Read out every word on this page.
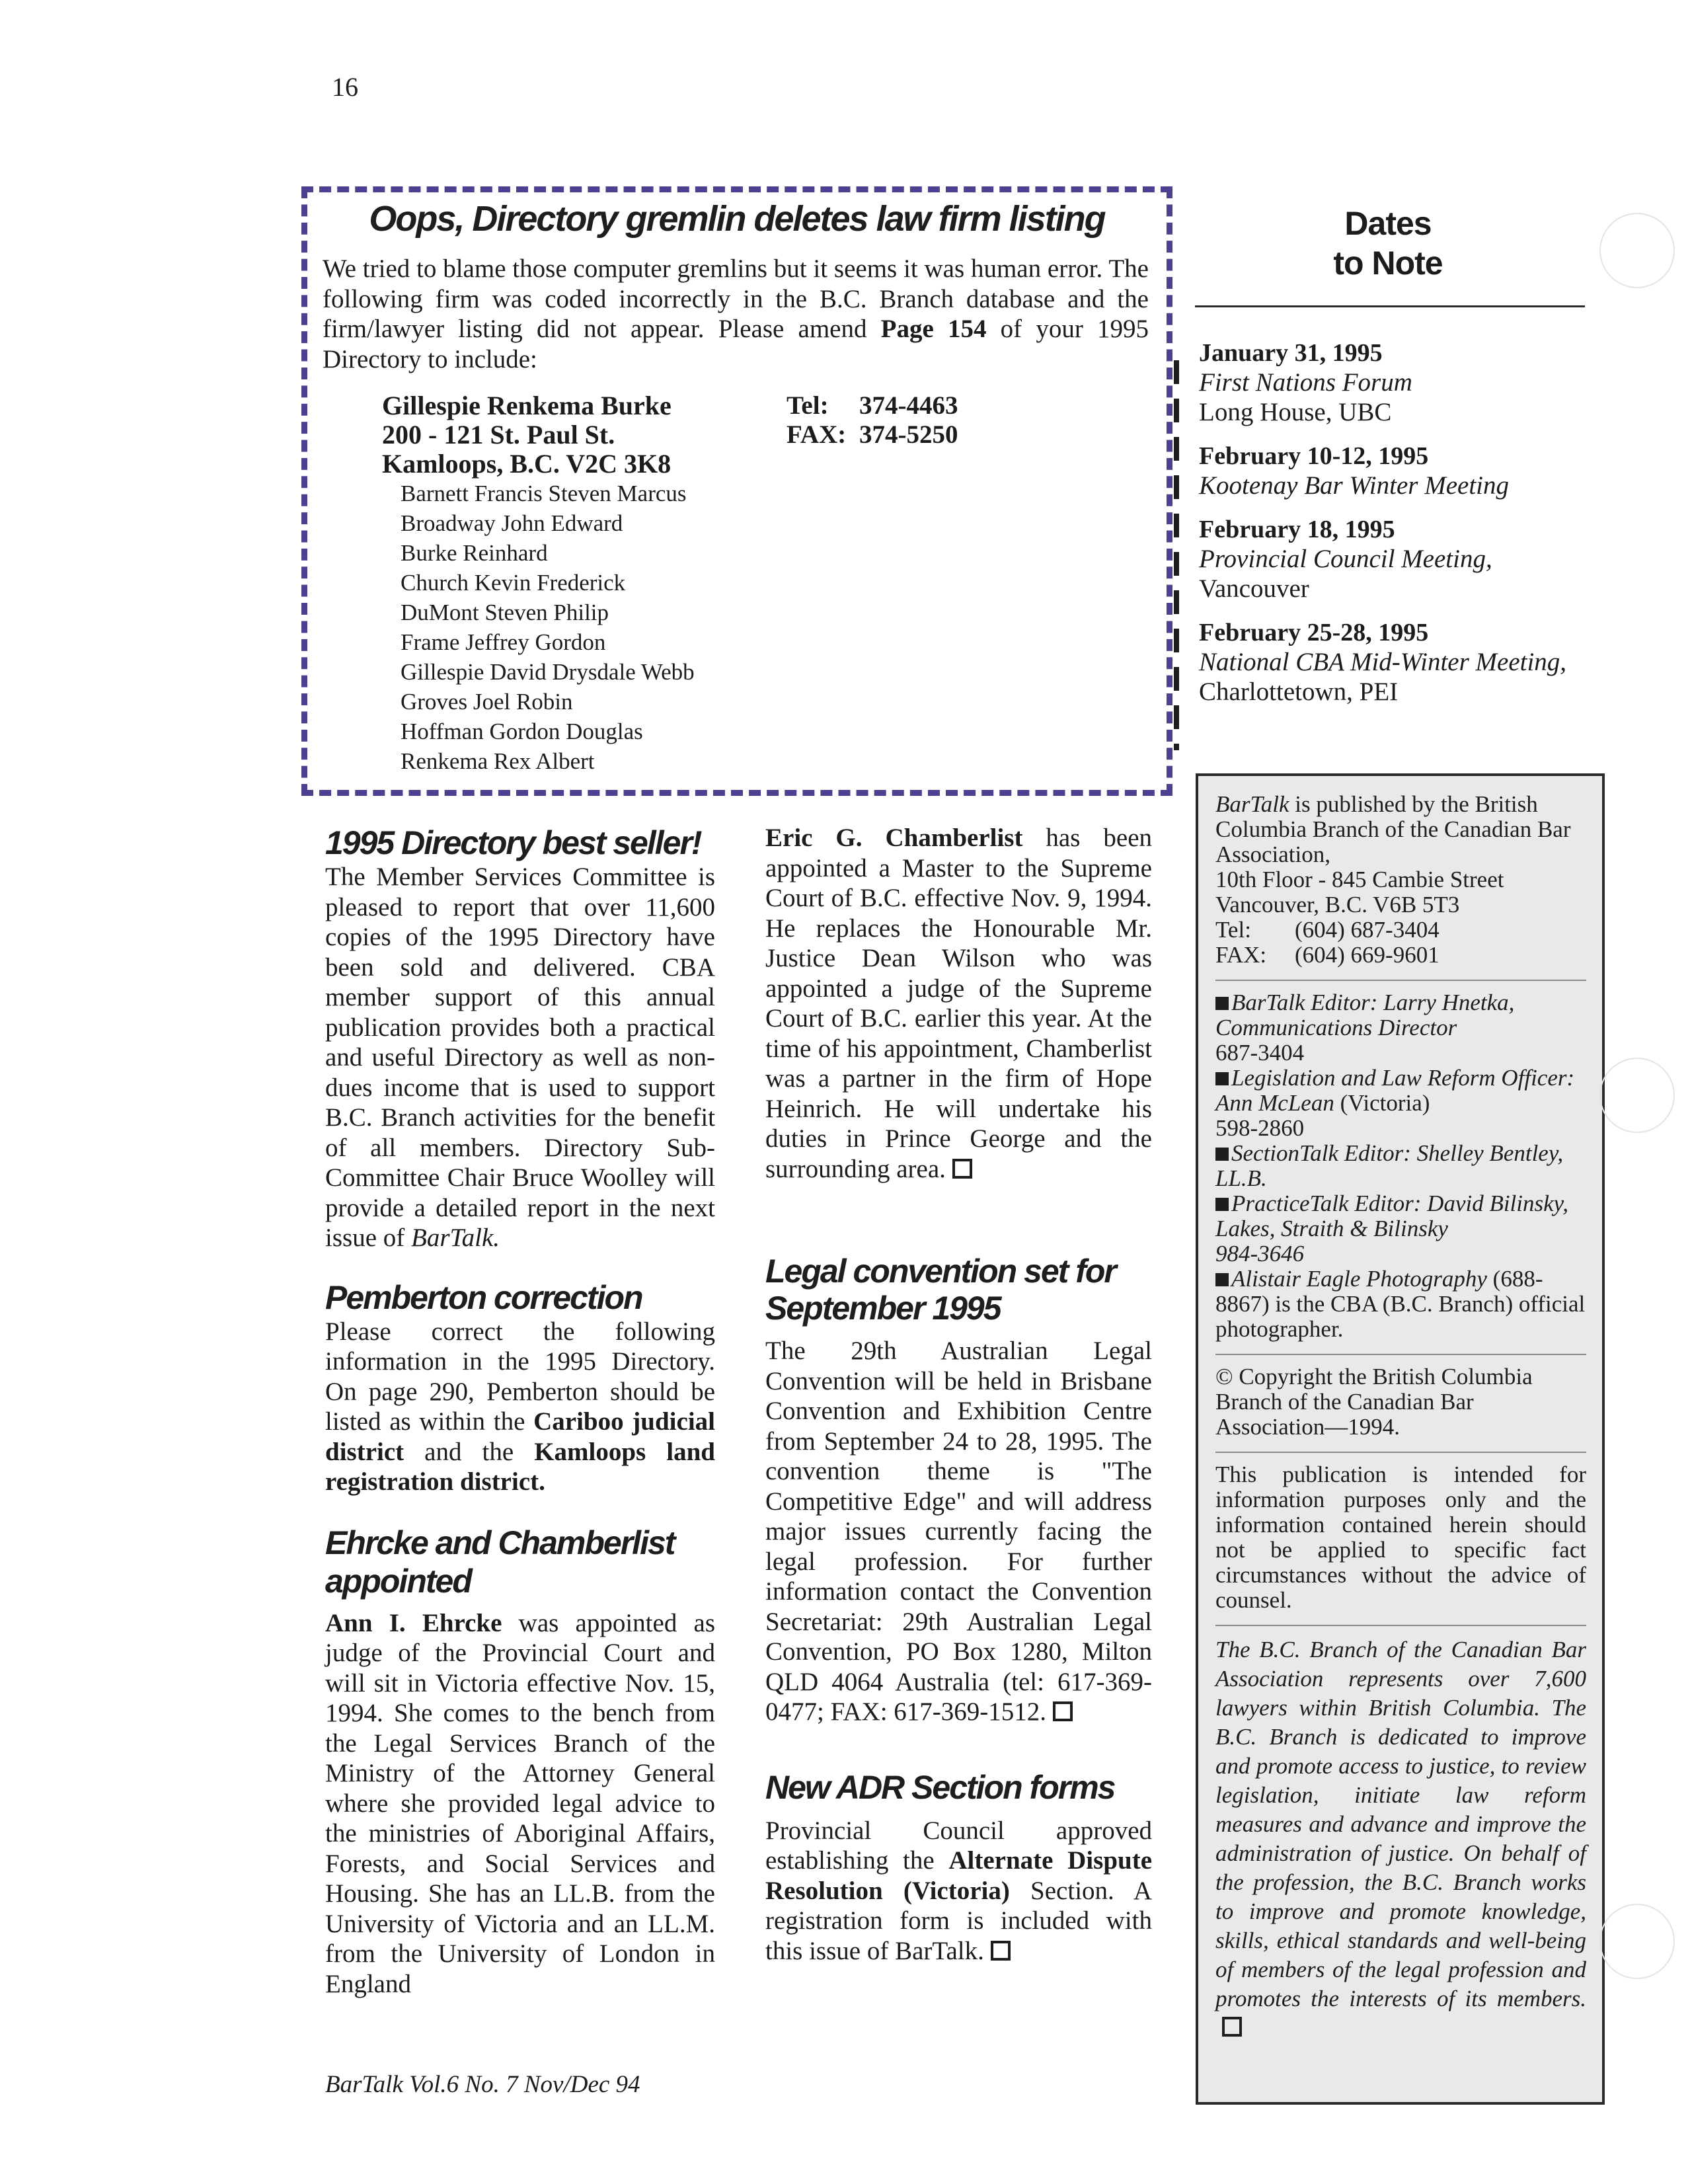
16
Oops, Directory gremlin deletes law firm listing
We tried to blame those computer gremlins but it seems it was human error. The following firm was coded incorrectly in the B.C. Branch database and the firm/lawyer listing did not appear. Please amend Page 154 of your 1995 Directory to include:
Gillespie Renkema Burke
200 - 121 St. Paul St.
Kamloops, B.C. V2C 3K8
Tel: 374-4463
FAX: 374-5250
Barnett Francis Steven Marcus
Broadway John Edward
Burke Reinhard
Church Kevin Frederick
DuMont Steven Philip
Frame Jeffrey Gordon
Gillespie David Drysdale Webb
Groves Joel Robin
Hoffman Gordon Douglas
Renkema Rex Albert
Dates
to Note
January 31, 1995
First Nations Forum
Long House, UBC
February 10-12, 1995
Kootenay Bar Winter Meeting
February 18, 1995
Provincial Council Meeting,
Vancouver
February 25-28, 1995
National CBA Mid-Winter Meeting, Charlottetown, PEI
1995 Directory best seller!

The Member Services Committee is pleased to report that over 11,600 copies of the 1995 Directory have been sold and delivered. CBA member support of this annual publication provides both a practical and useful Directory as well as non-dues income that is used to support B.C. Branch activities for the benefit of all members. Directory Sub-Committee Chair Bruce Woolley will provide a detailed report in the next issue of BarTalk.

Pemberton correction

Please correct the following information in the 1995 Directory. On page 290, Pemberton should be listed as within the Cariboo judicial district and the Kamloops land registration district.

Ehrcke and Chamberlist appointed

Ann I. Ehrcke was appointed as judge of the Provincial Court and will sit in Victoria effective Nov. 15, 1994. She comes to the bench from the Legal Services Branch of the Ministry of the Attorney General where she provided legal advice to the ministries of Aboriginal Affairs, Forests, and Social Services and Housing. She has an LL.B. from the University of Victoria and an LL.M. from the University of London in England

Eric G. Chamberlist has been appointed a Master to the Supreme Court of B.C. effective Nov. 9, 1994. He replaces the Honourable Mr. Justice Dean Wilson who was appointed a judge of the Supreme Court of B.C. earlier this year. At the time of his appointment, Chamberlist was a partner in the firm of Hope Heinrich. He will undertake his duties in Prince George and the surrounding area.

Legal convention set for
September 1995

The 29th Australian Legal Convention will be held in Brisbane Convention and Exhibition Centre from September 24 to 28, 1995. The convention theme is "The Competitive Edge" and will address major issues currently facing the legal profession. For further information contact the Convention Secretariat: 29th Australian Legal Convention, PO Box 1280, Milton QLD 4064 Australia (tel: 617-369-0477; FAX: 617-369-1512.

New ADR Section forms

Provincial Council approved establishing the Alternate Dispute Resolution (Victoria) Section. A registration form is included with this issue of BarTalk.

BarTalk is published by the British Columbia Branch of the Canadian Bar Association,

10th Floor - 845 Cambie Street
Vancouver, B.C. V6B 5T3
Tel: (604) 687-3404
FAX: (604) 669-9601
BarTalk Editor: Larry Hnetka, Communications Director
687-3404
Legislation and Law Reform Officer: Ann McLean (Victoria)
598-2860
SectionTalk Editor: Shelley Bentley, LL.B.
PracticeTalk Editor: David Bilinsky, Lakes, Straith & Bilinsky
984-3646
Alistair Eagle Photography (688-8867) is the CBA (B.C. Branch) official photographer.

© Copyright the British Columbia Branch of the Canadian Bar Association—1994.

This publication is intended for information purposes only and the information contained herein should not be applied to specific fact circumstances without the advice of counsel.

The B.C. Branch of the Canadian Bar Association represents over 7,600 lawyers within British Columbia. The B.C. Branch is dedicated to improve and promote access to justice, to review legislation, initiate law reform measures and advance and improve the administration of justice. On behalf of the profession, the B.C. Branch works to improve and promote knowledge, skills, ethical standards and well-being of members of the legal profession and promotes the interests of its members.

BarTalk Vol.6 No. 7 Nov/Dec 94
